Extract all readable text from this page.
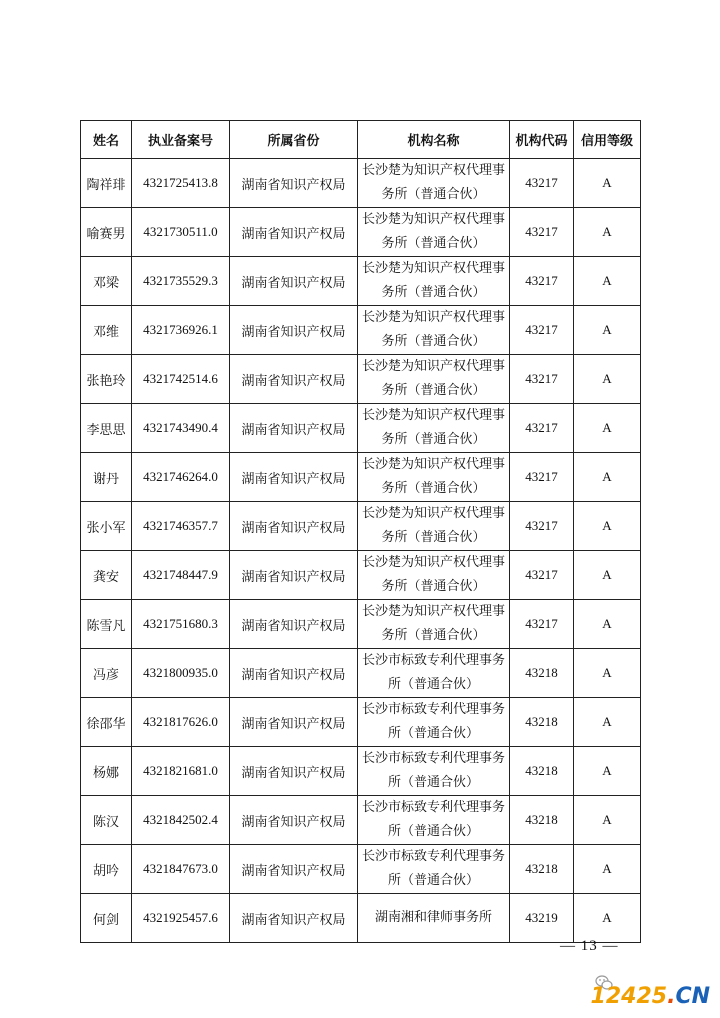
姓名	执业备案号	所属省份	机构名称	机构代码	信用等级
陶祥琲	4321725413.8	湖南省知识产权局	长沙楚为知识产权代理事务所（普通合伙）	43217	A
喻赛男	4321730511.0	湖南省知识产权局	长沙楚为知识产权代理事务所（普通合伙）	43217	A
邓梁	4321735529.3	湖南省知识产权局	长沙楚为知识产权代理事务所（普通合伙）	43217	A
邓维	4321736926.1	湖南省知识产权局	长沙楚为知识产权代理事务所（普通合伙）	43217	A
张艳玲	4321742514.6	湖南省知识产权局	长沙楚为知识产权代理事务所（普通合伙）	43217	A
李思思	4321743490.4	湖南省知识产权局	长沙楚为知识产权代理事务所（普通合伙）	43217	A
谢丹	4321746264.0	湖南省知识产权局	长沙楚为知识产权代理事务所（普通合伙）	43217	A
张小军	4321746357.7	湖南省知识产权局	长沙楚为知识产权代理事务所（普通合伙）	43217	A
龚安	4321748447.9	湖南省知识产权局	长沙楚为知识产权代理事务所（普通合伙）	43217	A
陈雪凡	4321751680.3	湖南省知识产权局	长沙楚为知识产权代理事务所（普通合伙）	43217	A
冯彦	4321800935.0	湖南省知识产权局	长沙市标致专利代理事务所（普通合伙）	43218	A
徐邵华	4321817626.0	湖南省知识产权局	长沙市标致专利代理事务所（普通合伙）	43218	A
杨娜	4321821681.0	湖南省知识产权局	长沙市标致专利代理事务所（普通合伙）	43218	A
陈汉	4321842502.4	湖南省知识产权局	长沙市标致专利代理事务所（普通合伙）	43218	A
胡吟	4321847673.0	湖南省知识产权局	长沙市标致专利代理事务所（普通合伙）	43218	A
何剑	4321925457.6	湖南省知识产权局	湖南湘和律师事务所	43219	A
— 13 —
12425.CN
